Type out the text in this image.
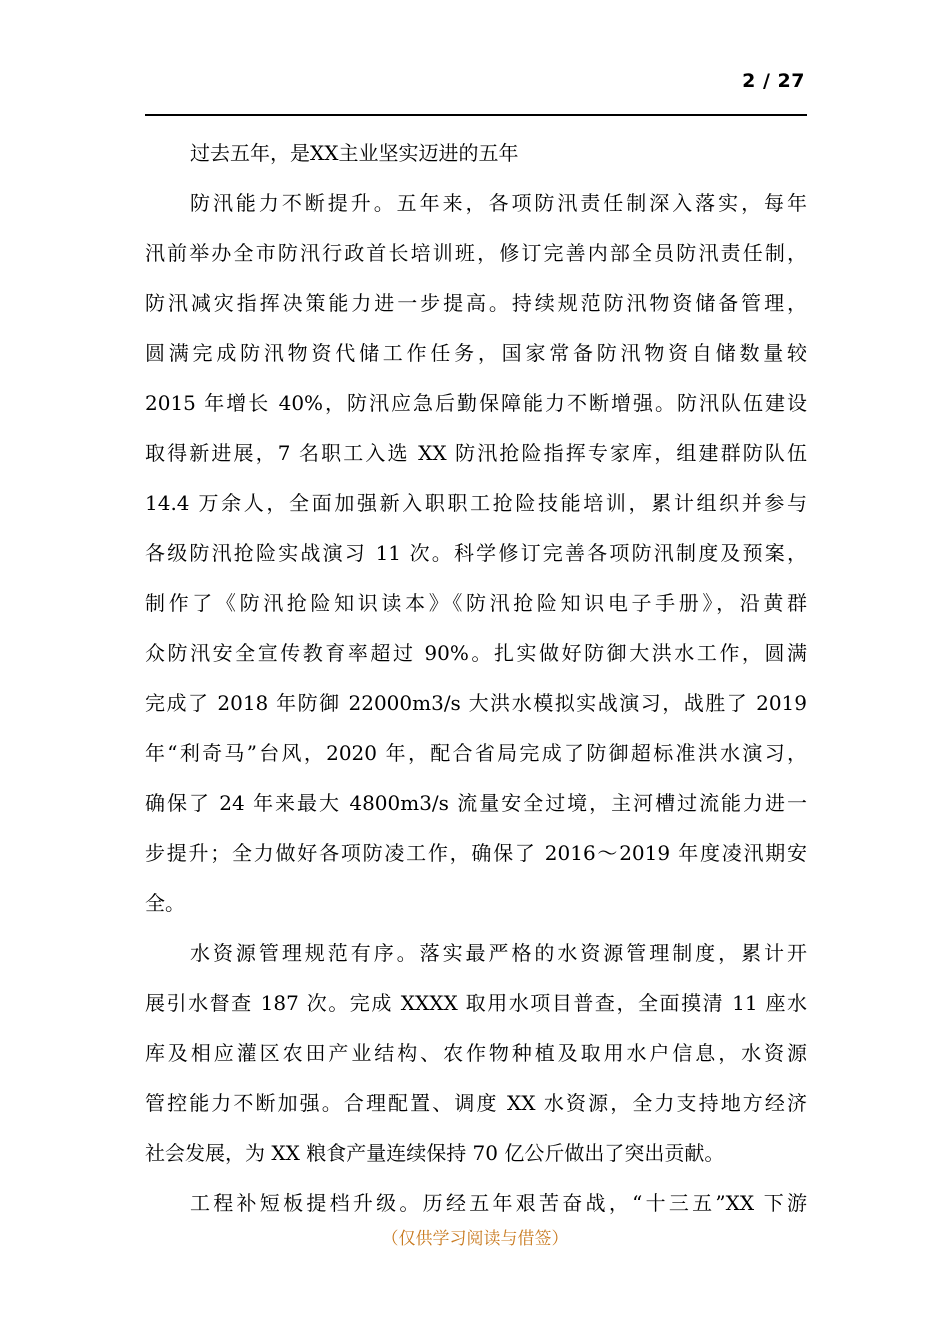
2 / 27
过去五年，是XX主业坚实迈进的五年
防汛能力不断提升。五年来，各项防汛责任制深入落实，每年
汛前举办全市防汛行政首长培训班，修订完善内部全员防汛责任制，
防汛减灾指挥决策能力进一步提高。持续规范防汛物资储备管理，
圆满完成防汛物资代储工作任务，国家常备防汛物资自储数量较
2015 年增长 40%，防汛应急后勤保障能力不断增强。防汛队伍建设
取得新进展，7 名职工入选 XX 防汛抢险指挥专家库，组建群防队伍
14.4 万余人，全面加强新入职职工抢险技能培训，累计组织并参与
各级防汛抢险实战演习 11 次。科学修订完善各项防汛制度及预案，
制作了《防汛抢险知识读本》《防汛抢险知识电子手册》，沿黄群
众防汛安全宣传教育率超过 90%。扎实做好防御大洪水工作，圆满
完成了 2018 年防御 22000m3/s 大洪水模拟实战演习，战胜了 2019
年“利奇马”台风，2020 年，配合省局完成了防御超标准洪水演习，
确保了 24 年来最大 4800m3/s 流量安全过境，主河槽过流能力进一
步提升；全力做好各项防凌工作，确保了 2016～2019 年度凌汛期安
全。
水资源管理规范有序。落实最严格的水资源管理制度，累计开
展引水督查 187 次。完成 XXXX 取用水项目普查，全面摸清 11 座水
库及相应灌区农田产业结构、农作物种植及取用水户信息，水资源
管控能力不断加强。合理配置、调度 XX 水资源，全力支持地方经济
社会发展，为 XX 粮食产量连续保持 70 亿公斤做出了突出贡献。
工程补短板提档升级。历经五年艰苦奋战，“十三五”XX 下游
（仅供学习阅读与借签）
